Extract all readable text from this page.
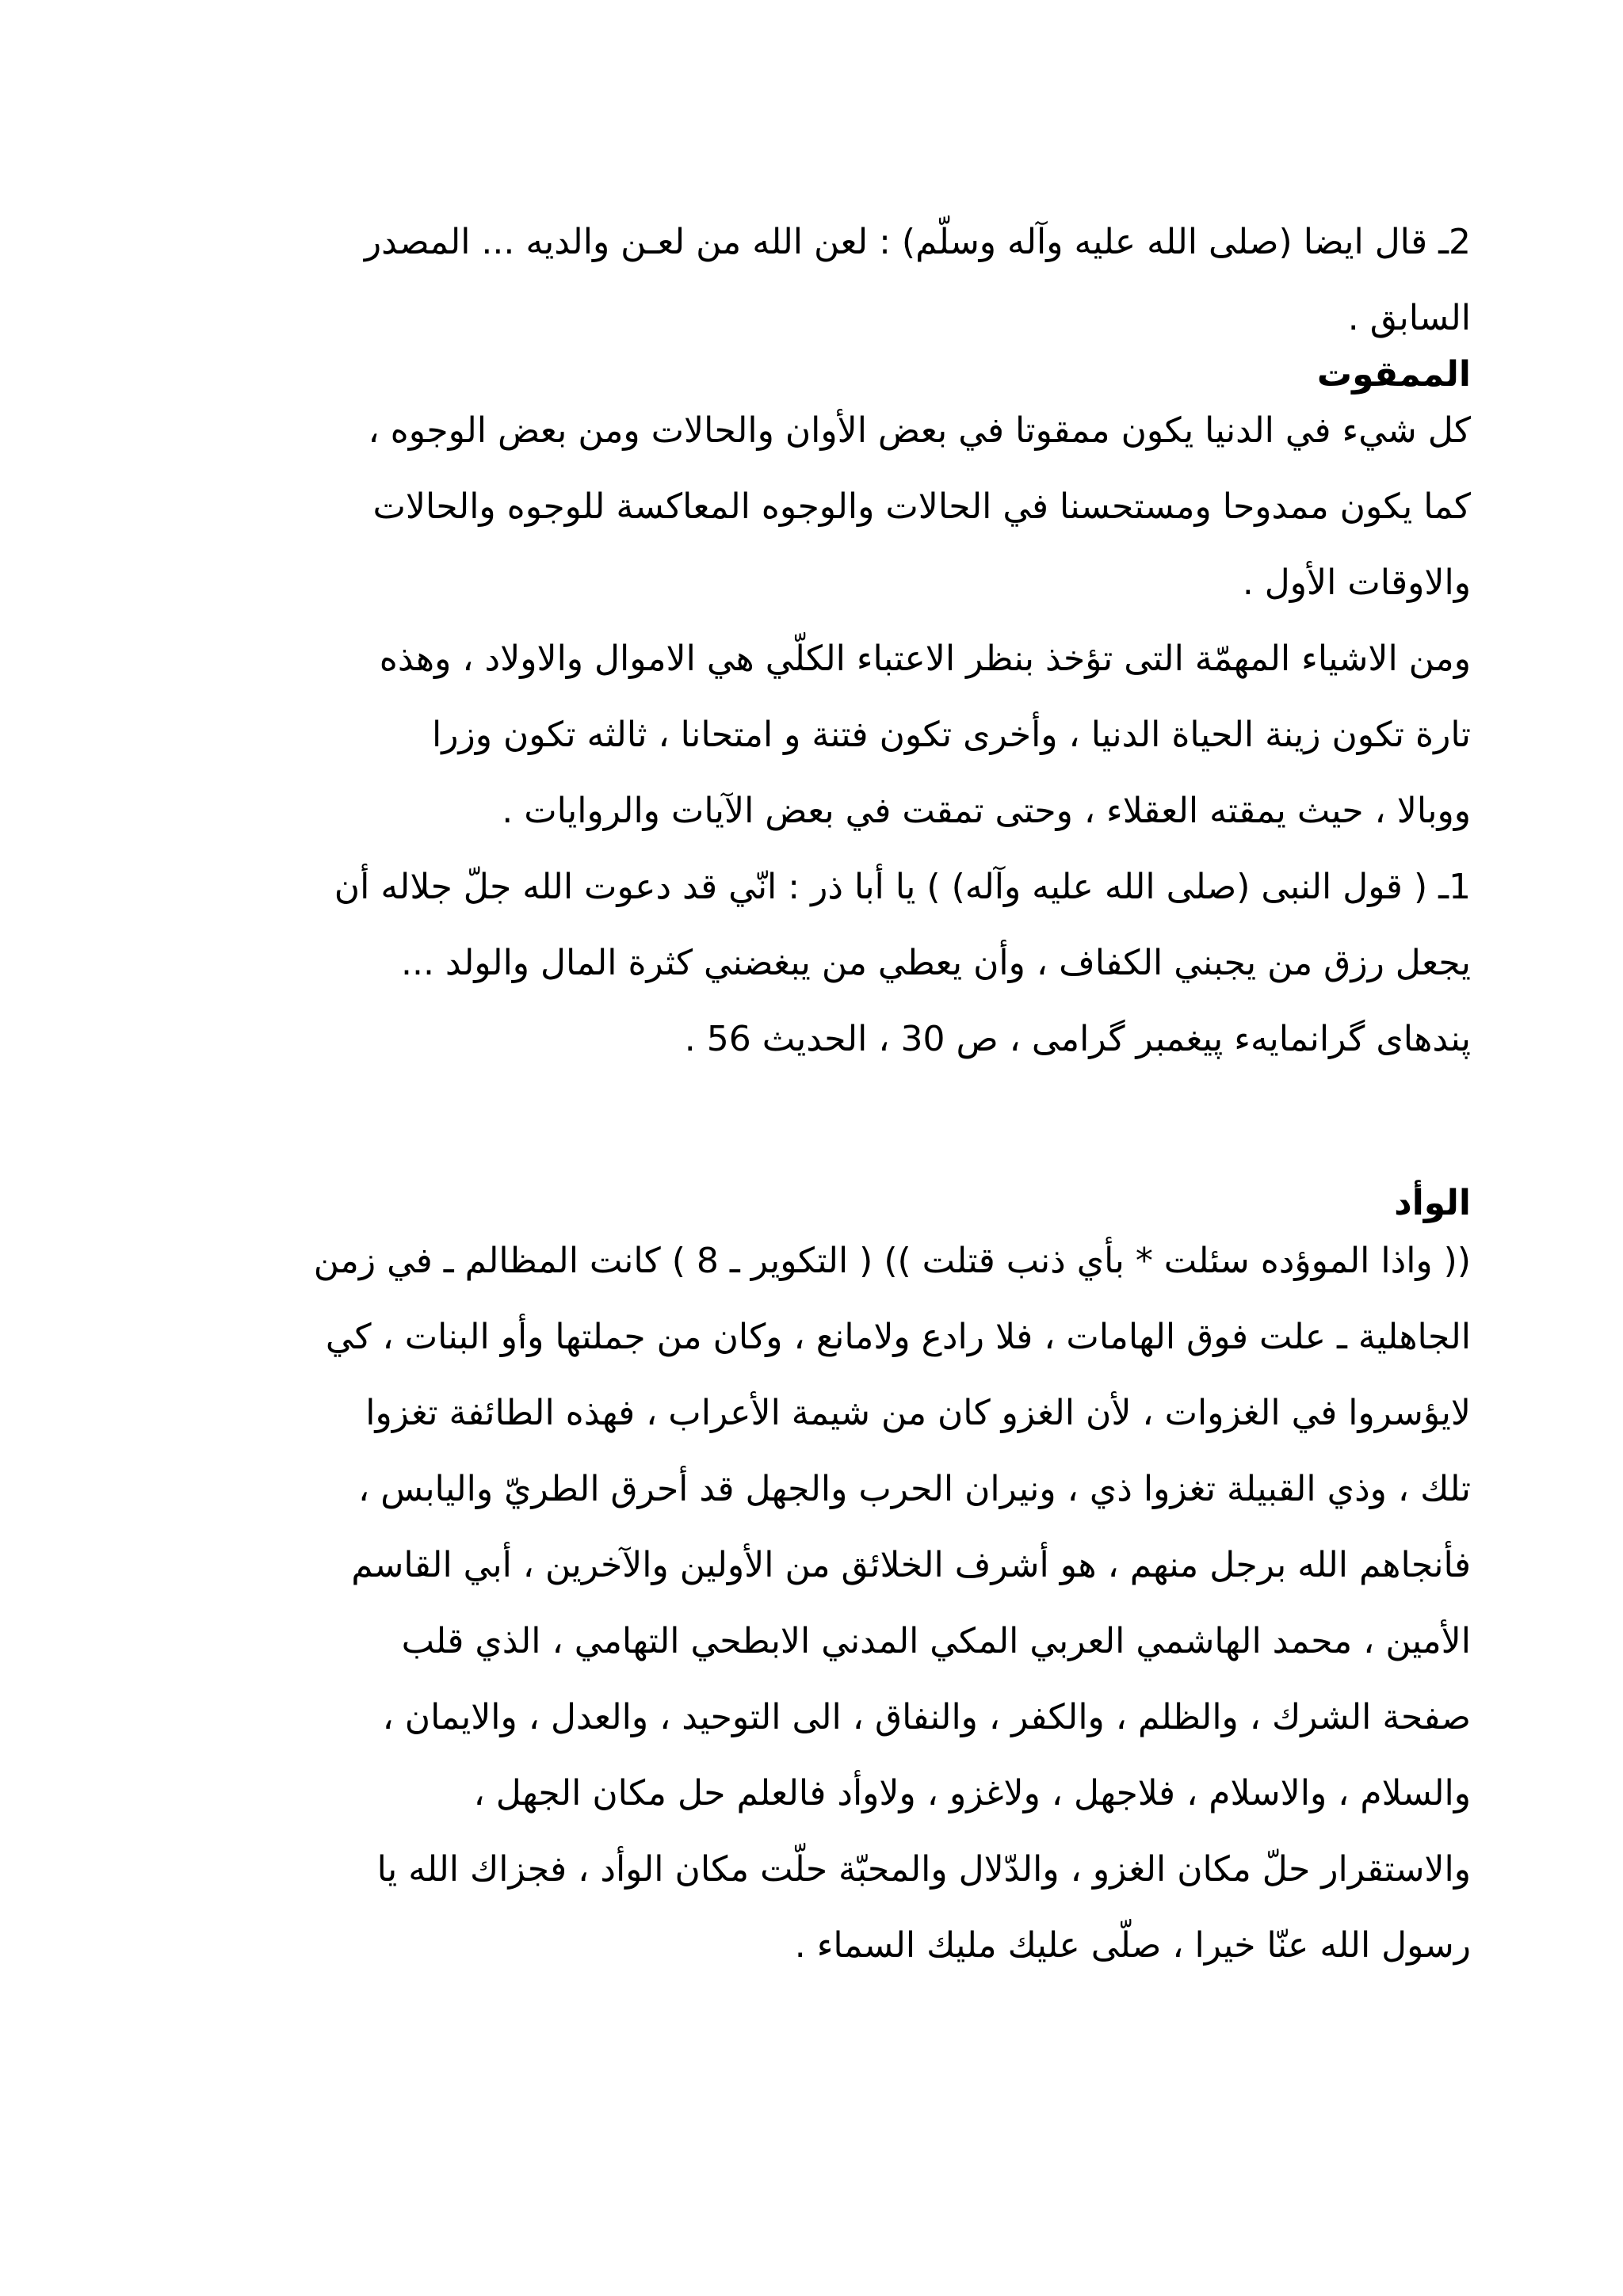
2ـ قال ايضا (صلى الله عليه وآله وسلّم) : لعن الله من لعـن والديه ... المصدر
السابق .
الممقوت
كل شيء في الدنيا يكون ممقوتا في بعض الأوان والحالات ومن بعض الوجوه ،
كما يكون ممدوحا ومستحسنا في الحالات والوجوه المعاكسة للوجوه والحالات
والاوقات الأول .
ومن الاشياء المهمّة التى تؤخذ بنظر الاعتباء الكلّي هي الاموال والاولاد ، وهذه
تارة تكون زينة الحياة الدنيا ، وأخرى تكون فتنة و امتحانا ، ثالثه تكون وزرا
ووبالا ، حيث يمقته العقلاء ، وحتى تمقت في بعض الآيات والروايات .
1ـ ( قول النبى (صلى الله عليه وآله) ) يا أبا ذر : انّي قد دعوت الله جلّ جلاله أن
يجعل رزق من يجبني الكفاف ، وأن يعطي من يبغضني كثرة المال والولد ...
پندهای گرانمايهء پيغمبر گرامى ، ص 30 ، الحديث 56 .
الوأد
(( واذا الموؤده سئلت * بأي ذنب قتلت )) ( التكوير ـ 8 ) كانت المظالم ـ في زمن
الجاهلية ـ علت فوق الهامات ، فلا رادع ولامانع ، وكان من جملتها وأو البنات ، كي
لايؤسروا في الغزوات ، لأن الغزو كان من شيمة الأعراب ، فهذه الطائفة تغزوا
تلك ، وذي القبيلة تغزوا ذي ، ونيران الحرب والجهل قد أحرق الطريّ واليابس ،
فأنجاهم الله برجل منهم ، هو أشرف الخلائق من الأولين والآخرين ، أبي القاسم
الأمين ، محمد الهاشمي العربي المكي المدني الابطحي التهامي ، الذي قلب
صفحة الشرك ، والظلم ، والكفر ، والنفاق ، الى التوحيد ، والعدل ، والايمان ،
والسلام ، والاسلام ، فلاجهل ، ولاغزو ، ولاوأد فالعلم حل مكان الجهل ،
والاستقرار حلّ مكان الغزو ، والدّلال والمحبّة حلّت مكان الوأد ، فجزاك الله يا
رسول الله عنّا خيرا ، صلّى عليك مليك السماء .
